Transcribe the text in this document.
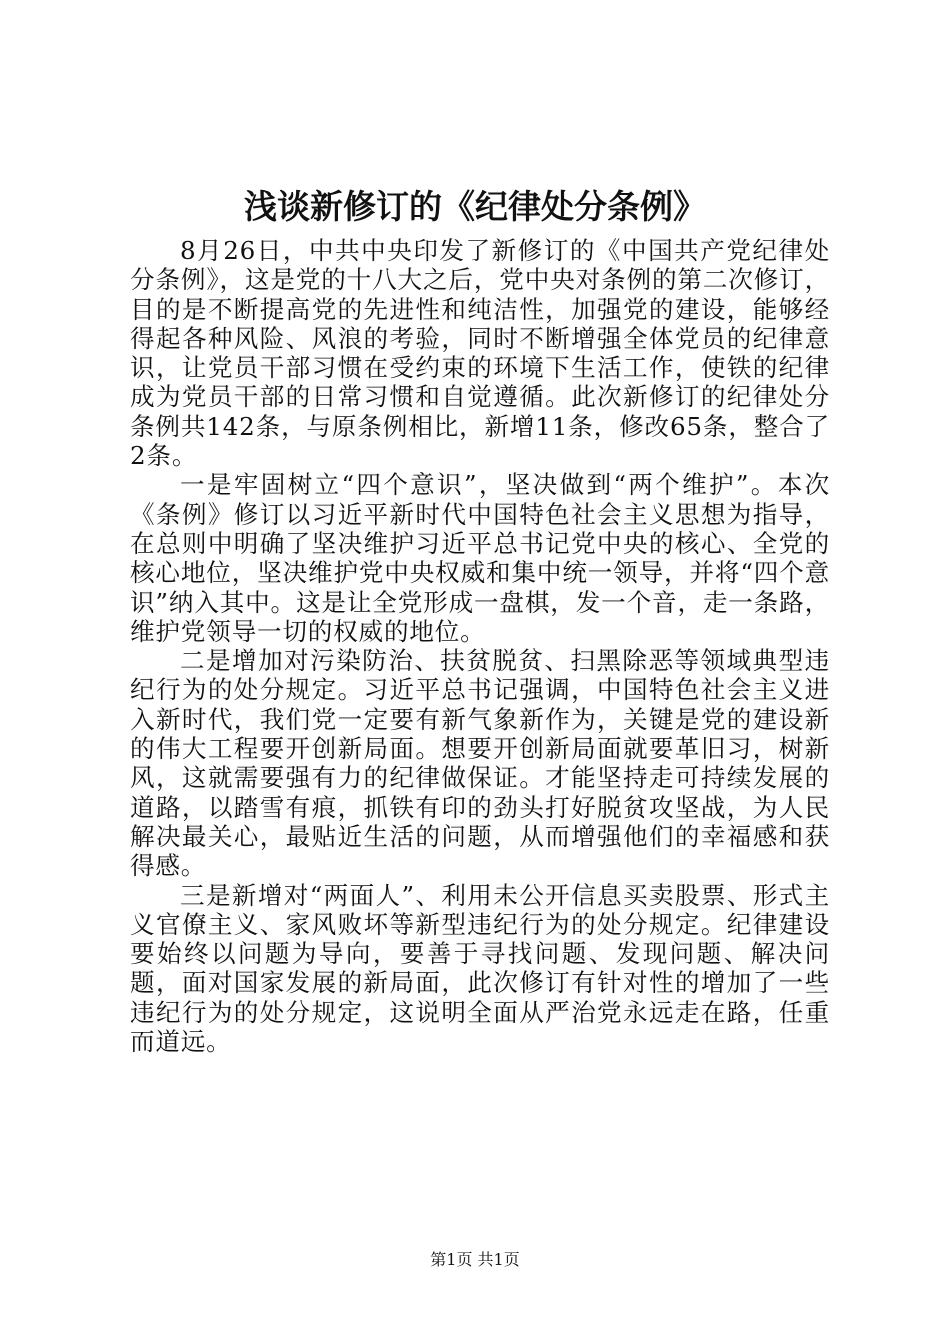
浅谈新修订的《纪律处分条例》

8月26日，中共中央印发了新修订的《中国共产党纪律处分条例》，这是党的十八大之后，党中央对条例的第二次修订，目的是不断提高党的先进性和纯洁性，加强党的建设，能够经得起各种风险、风浪的考验，同时不断增强全体党员的纪律意识，让党员干部习惯在受约束的环境下生活工作，使铁的纪律成为党员干部的日常习惯和自觉遵循。此次新修订的纪律处分条例共142条，与原条例相比，新增11条，修改65条，整合了2条。

一是牢固树立“四个意识”，坚决做到“两个维护”。本次《条例》修订以习近平新时代中国特色社会主义思想为指导，在总则中明确了坚决维护习近平总书记党中央的核心、全党的核心地位，坚决维护党中央权威和集中统一领导，并将“四个意识”纳入其中。这是让全党形成一盘棋，发一个音，走一条路，维护党领导一切的权威的地位。

二是增加对污染防治、扶贫脱贫、扫黑除恶等领域典型违纪行为的处分规定。习近平总书记强调，中国特色社会主义进入新时代，我们党一定要有新气象新作为，关键是党的建设新的伟大工程要开创新局面。想要开创新局面就要革旧习，树新风，这就需要强有力的纪律做保证。才能坚持走可持续发展的道路，以踏雪有痕，抓铁有印的劲头打好脱贫攻坚战，为人民解决最关心，最贴近生活的问题，从而增强他们的幸福感和获得感。

三是新增对“两面人”、利用未公开信息买卖股票、形式主义官僚主义、家风败坏等新型违纪行为的处分规定。纪律建设要始终以问题为导向，要善于寻找问题、发现问题、解决问题，面对国家发展的新局面，此次修订有针对性的增加了一些违纪行为的处分规定，这说明全面从严治党永远走在路，任重而道远。

第1页 共1页
